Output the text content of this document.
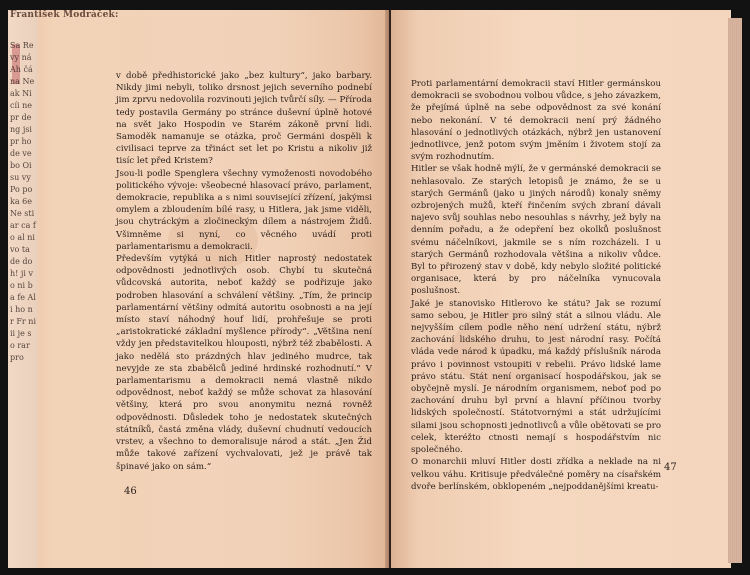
Sa Re vy ná Ah čá na Ne ak Ni cíi ne pr de ng jsi pr ho de ve bo Oi su vy Po po ka 6e Ne sti ar ca fo al ni vo ta de do h! ji vo ni ba fe Ali ho nr Fr ni ii je so rar pro
František Modráček:

v době předhistorické jako „bez kultury“, jako barbary. Nikdy jimi nebyli, toliko drsnost jejich severního podnebí jim zprvu nedovolila rozvinouti jejich tvůrčí síly. — Příroda tedy postavila Germány po stránce duševní úplně hotové na svět jako Hospodin ve Starém zákoně první lidi. Samoděk namanuje se otázka, proč Germáni dospěli k civilisaci teprve za třináct set let po Kristu a nikoliv již tisíc let před Kristem?

Jsou-li podle Spenglera všechny vymoženosti novodobého politického vývoje: všeobecné hlasovací právo, parlament, demokracie, republika a s nimi související zřízení, jakýmsi omylem a zbloudením bílé rasy, u Hitlera, jak jsme viděli, jsou chytráckým a zločineckým dílem a nástrojem Židů. Všimněme si nyní, co věcného uvádí proti parlamentarismu a demokracii.

Především vytýká u nich Hitler naprostý nedostatek odpovědnosti jednotlivých osob. Chybí tu skutečná vůdcovská autorita, neboť každý se podřizuje jako podroben hlasování a schválení většiny. „Tím, že princip parlamentární většiny odmítá autoritu osobnosti a na její místo staví náhodný houf lidí, prohřešuje se proti „aristokratické základní myšlence přírody“. „Většina není vždy jen představitelkou hlouposti, nýbrž též zbabělosti. A jako nedělá sto prázdných hlav jediného mudrce, tak nevyjde ze sta zbabělců jediné hrdinské rozhodnutí.“ V parlamentarismu a demokracii nemá vlastně nikdo odpovědnost, neboť každý se může schovat za hlasování většiny, která pro svou anonymitu nezná rovněž odpovědnosti. Důsledek toho je nedostatek skutečných státníků, častá změna vlády, duševní chudnutí vedoucích vrstev, a všechno to demoralisuje národ a stát. „Jen Žid může takové zařízení vychvalovati, jež je právě tak špinavé jako on sám.“

46

Proti parlamentární demokracii staví Hitler germánskou demokracii se svobodnou volbou vůdce, s jeho závazkem, že přejímá úplně na sebe odpovědnost za své konání nebo nekonání. V té demokracii není prý žádného hlasování o jednotlivých otázkách, nýbrž jen ustanovení jednotlivce, jenž potom svým jměním i životem stojí za svým rozhodnutím.

Hitler se však hodně mýlí, že v germánské demokracii se nehlasovalo. Ze starých letopisů je známo, že se u starých Germánů (jako u jiných národů) konaly sněmy ozbrojených mužů, kteří řinčením svých zbraní dávali najevo svůj souhlas nebo nesouhlas s návrhy, jež byly na denním pořadu, a že odepření bez okolků poslušnost svému náčelníkovi, jakmile se s ním rozcházeli. I u starých Germánů rozhodovala většina a nikoliv vůdce. Byl to přirozený stav v době, kdy nebylo složité politické organisace, která by pro náčelníka vynucovala poslušnost.

Jaké je stanovisko Hitlerovo ke státu? Jak se rozumí samo sebou, je Hitler pro silný stát a silnou vládu. Ale nejvyšším cílem podle něho není udržení státu, nýbrž zachování lidského druhu, to jest národní rasy. Počítá vláda vede národ k úpadku, má každý příslušník národa právo i povinnost vstoupiti v rebelii. Právo lidské lame právo státu. Stát není organisací hospodářskou, jak se obyčejně myslí. Je národním organismem, neboť pod po zachování druhu byl první a hlavní příčinou tvorby lidských společností. Státotvornými a stát udržujícími silami jsou schopnosti jednotlivců a vůle obětovati se pro celek, kteréžto ctnosti nemají s hospodářstvím nic společného.

O monarchii mluví Hitler dosti zřídka a neklade na ni velkou váhu. Kritisuje předválečné poměry na císařském dvoře berlínském, obklopeném „nejpoddanějšími kreatu-

47
